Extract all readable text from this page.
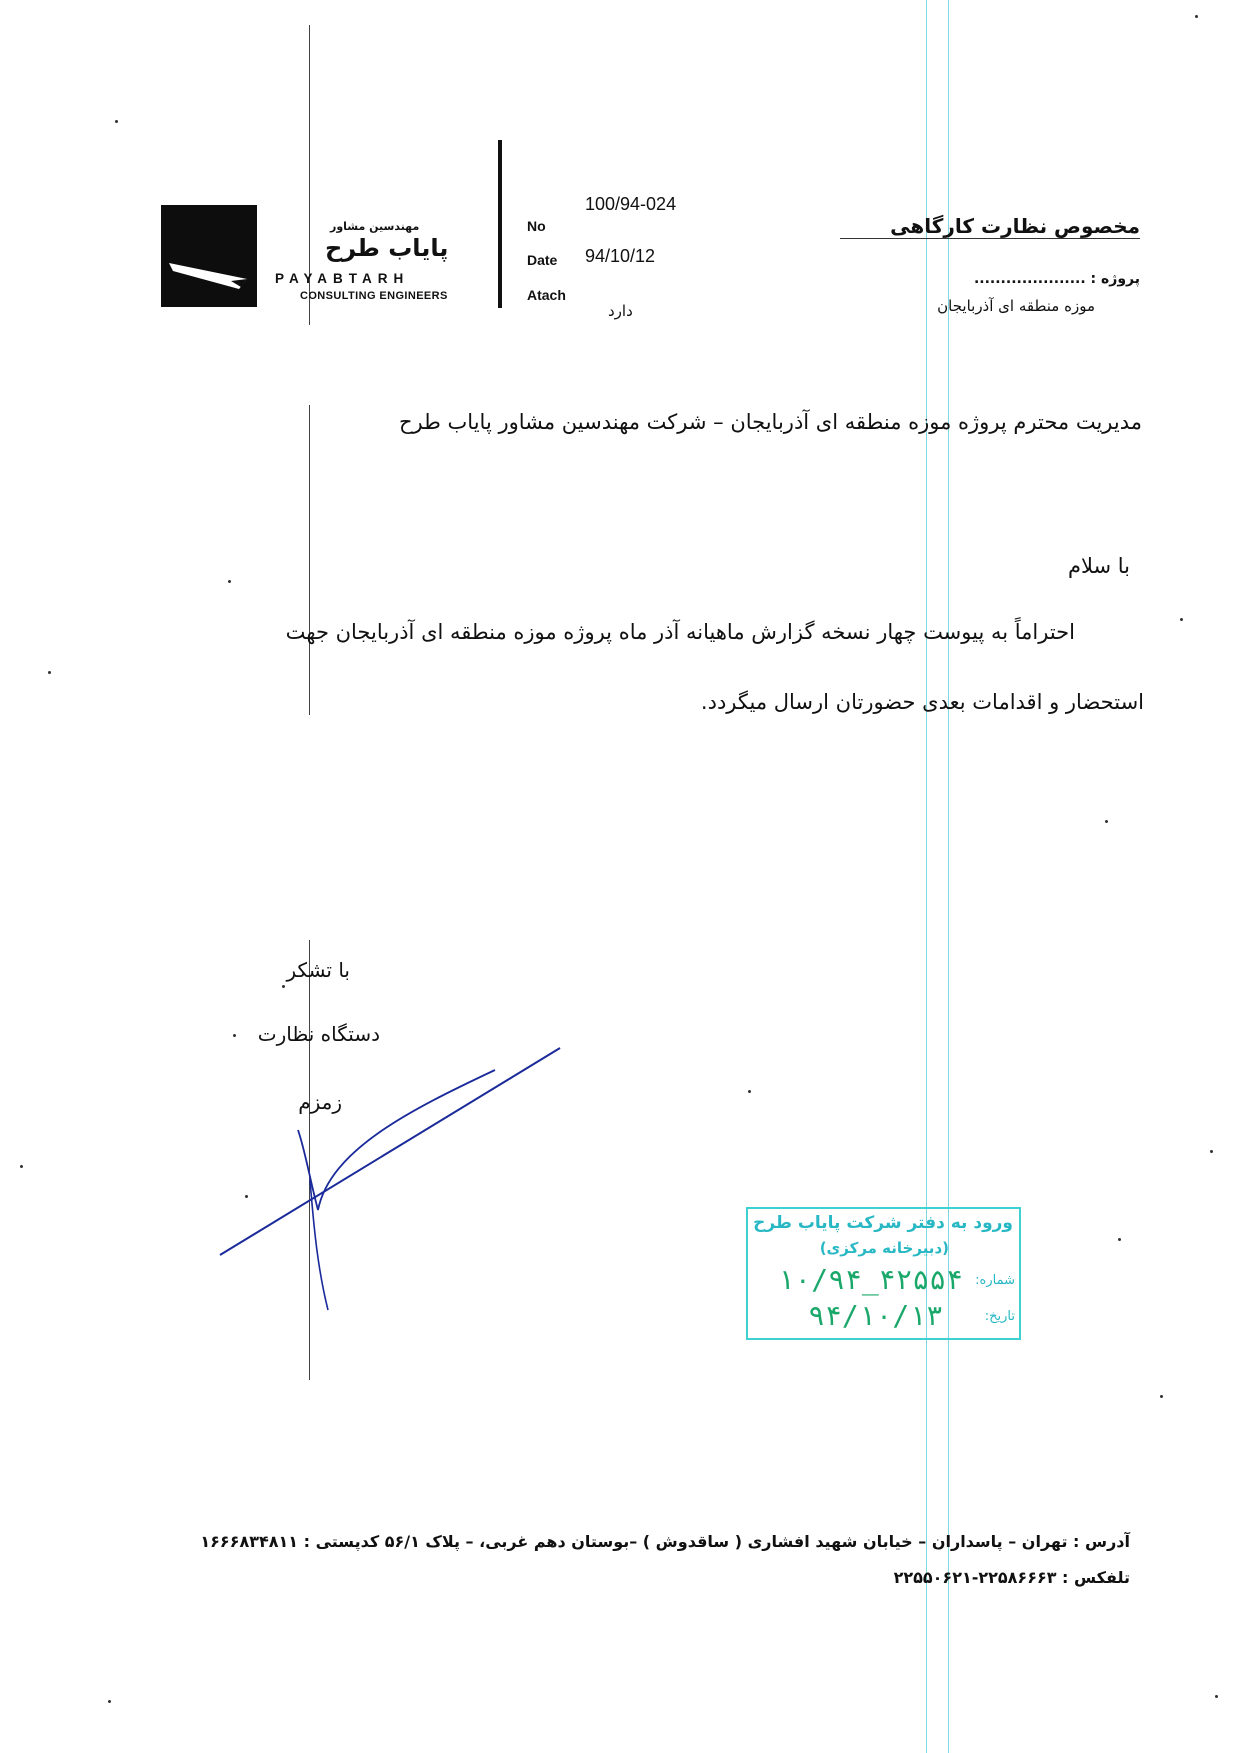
مهندسین مشاور
پایاب طرح
PAYABTARH
CONSULTING ENGINEERS
No
100/94-024
Date 94/10/12
Atach
دارد
مخصوص نظارت کارگاهی
پروژه : .....................
موزه منطقه ای آذربایجان
مدیریت محترم پروژه موزه منطقه ای آذربایجان – شرکت مهندسین مشاور پایاب طرح
با سلام
احتراماً به پیوست چهار نسخه گزارش ماهیانه آذر ماه پروژه موزه منطقه ای آذربایجان جهت
استحضار و اقدامات بعدی حضورتان ارسال میگردد.
با تشکر
دستگاه نظارت
زمزم
ورود به دفتر شرکت پایاب طرح
(دبیرخانه مرکزی)
شماره:
۱۰/۹۴_۴۲۵۵۴
تاریخ:
۹۴/۱۰/۱۳
آدرس : تهران – پاسداران – خیابان شهید افشاری ( ساقدوش ) –بوستان دهم غربی، – پلاک ۵۶/۱ کدپستی : ۱۶۶۶۸۳۴۸۱۱
تلفکس : ۲۲۵۸۶۶۶۳-۲۲۵۵۰۶۲۱
